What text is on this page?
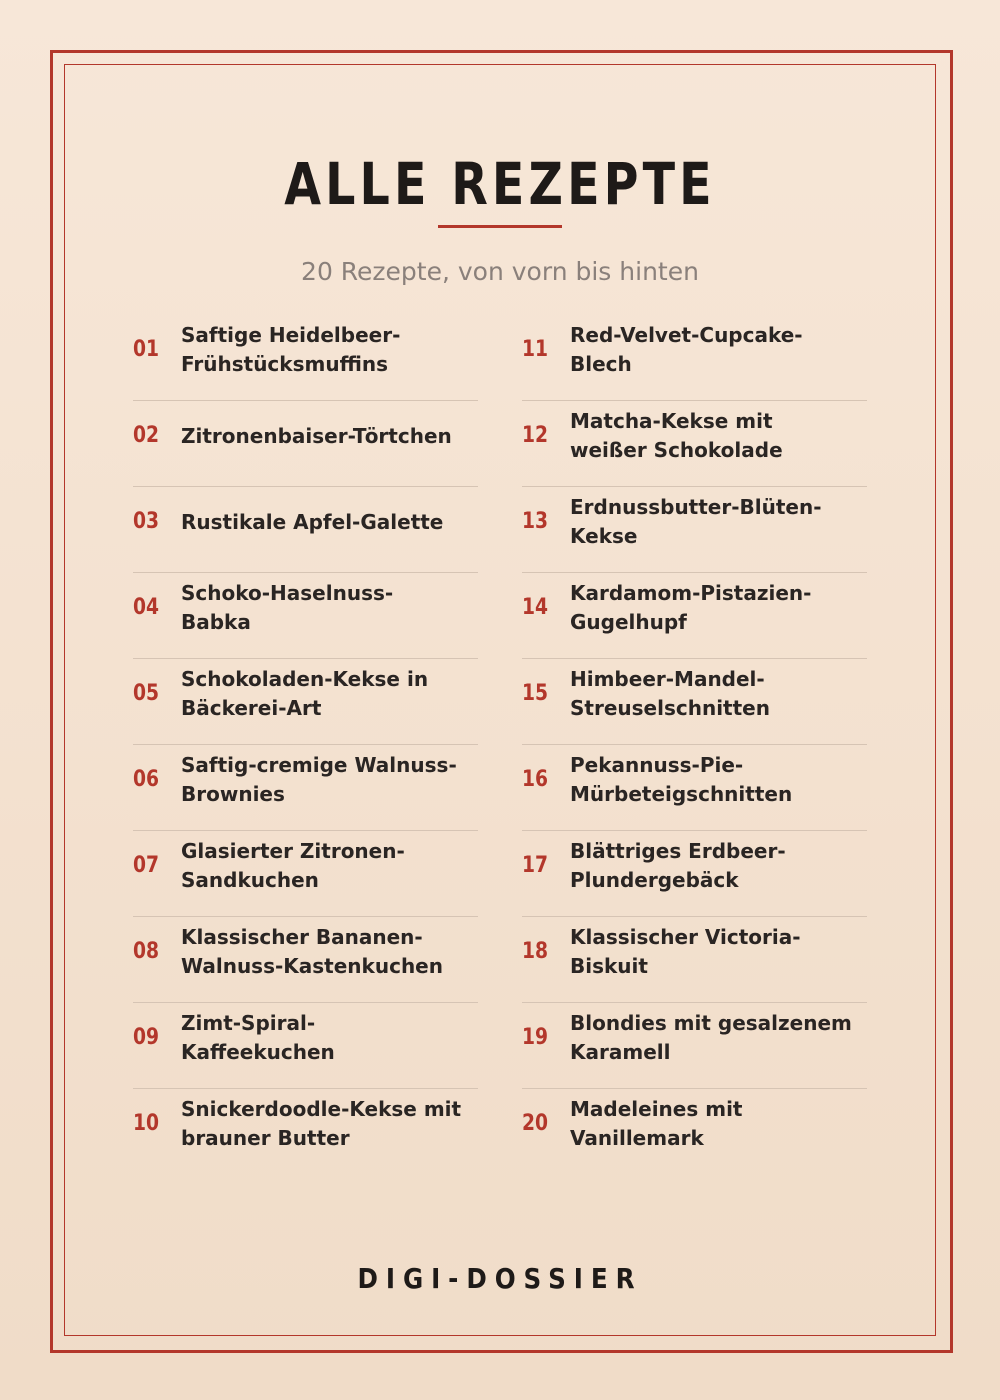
ALLE REZEPTE
20 Rezepte, von vorn bis hinten
01
Saftige Heidelbeer-
Frühstücksmuffins
02 Zitronenbaiser-Törtchen
03 Rustikale Apfel-Galette
04
Schoko-Haselnuss-
Babka
05
Schokoladen-Kekse in
Bäckerei-Art
06
Saftig-cremige Walnuss-
Brownies
07
Glasierter Zitronen-
Sandkuchen
08
Klassischer Bananen-
Walnuss-Kastenkuchen
09
Zimt-Spiral-
Kaffeekuchen
10
Snickerdoodle-Kekse mit
brauner Butter
11
Red-Velvet-Cupcake-
Blech
12
Matcha-Kekse mit
weißer Schokolade
13
Erdnussbutter-Blüten-
Kekse
14
Kardamom-Pistazien-
Gugelhupf
15
Himbeer-Mandel-
Streuselschnitten
16
Pekannuss-Pie-
Mürbeteigschnitten
17
Blättriges Erdbeer-
Plundergebäck
18
Klassischer Victoria-
Biskuit
19
Blondies mit gesalzenem
Karamell
20
Madeleines mit
Vanillemark
DIGI-DOSSIER
